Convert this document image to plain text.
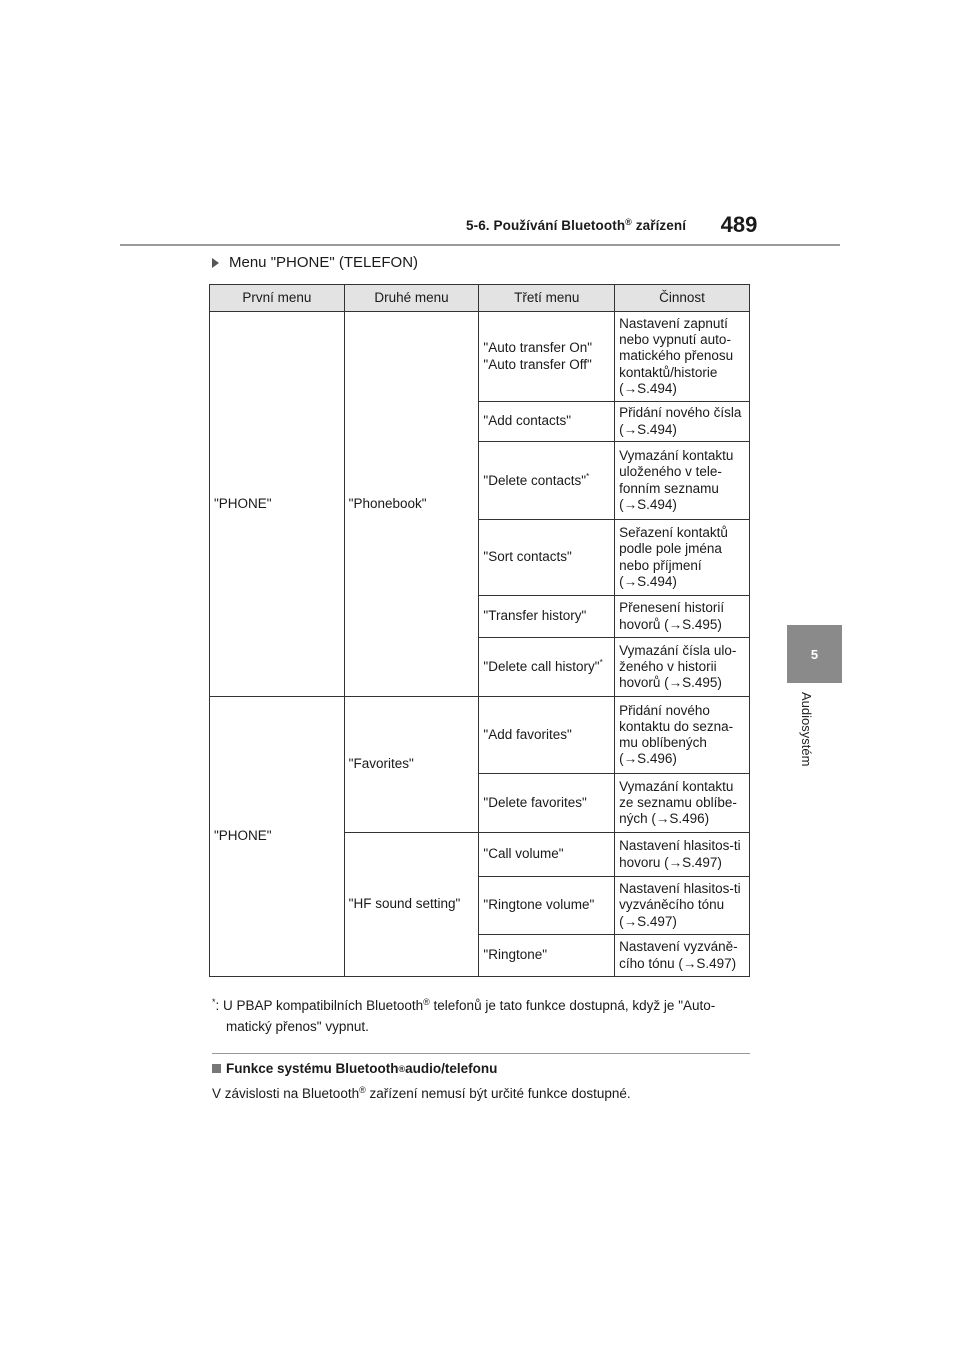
5-6. Používání Bluetooth® zařízení	489
5
Audiosystém
Menu "PHONE" (TELEFON)
První menu	Druhé menu	Třetí menu	Činnost
"PHONE"	"Phonebook"	"Auto transfer On" "Auto transfer Off"	Nastavení zapnutí nebo vypnutí auto-matického přenosu kontaktů/historie (→S.494)
		"Add contacts"	Přidání nového čísla (→S.494)
		"Delete contacts"*	Vymazání kontaktu uloženého v tele-fonním seznamu (→S.494)
		"Sort contacts"	Seřazení kontaktů podle pole jména nebo příjmení (→S.494)
		"Transfer history"	Přenesení historií hovorů (→S.495)
		"Delete call history"*	Vymazání čísla ulo-ženého v historii hovorů (→S.495)
"PHONE"	"Favorites"	"Add favorites"	Přidání nového kontaktu do sezna-mu oblíbených (→S.496)
		"Delete favorites"	Vymazání kontaktu ze seznamu oblíbe-ných (→S.496)
	"HF sound setting"	"Call volume"	Nastavení hlasitos-ti hovoru (→S.497)
		"Ringtone volume"	Nastavení hlasitos-ti vyzváněcího tónu (→S.497)
		"Ringtone"	Nastavení vyzváně-cího tónu (→S.497)
*: U PBAP kompatibilních Bluetooth® telefonů je tato funkce dostupná, když je "Auto-
matický přenos" vypnut.
Funkce systému Bluetooth ® audio/telefonu
V závislosti na Bluetooth® zařízení nemusí být určité funkce dostupné.
